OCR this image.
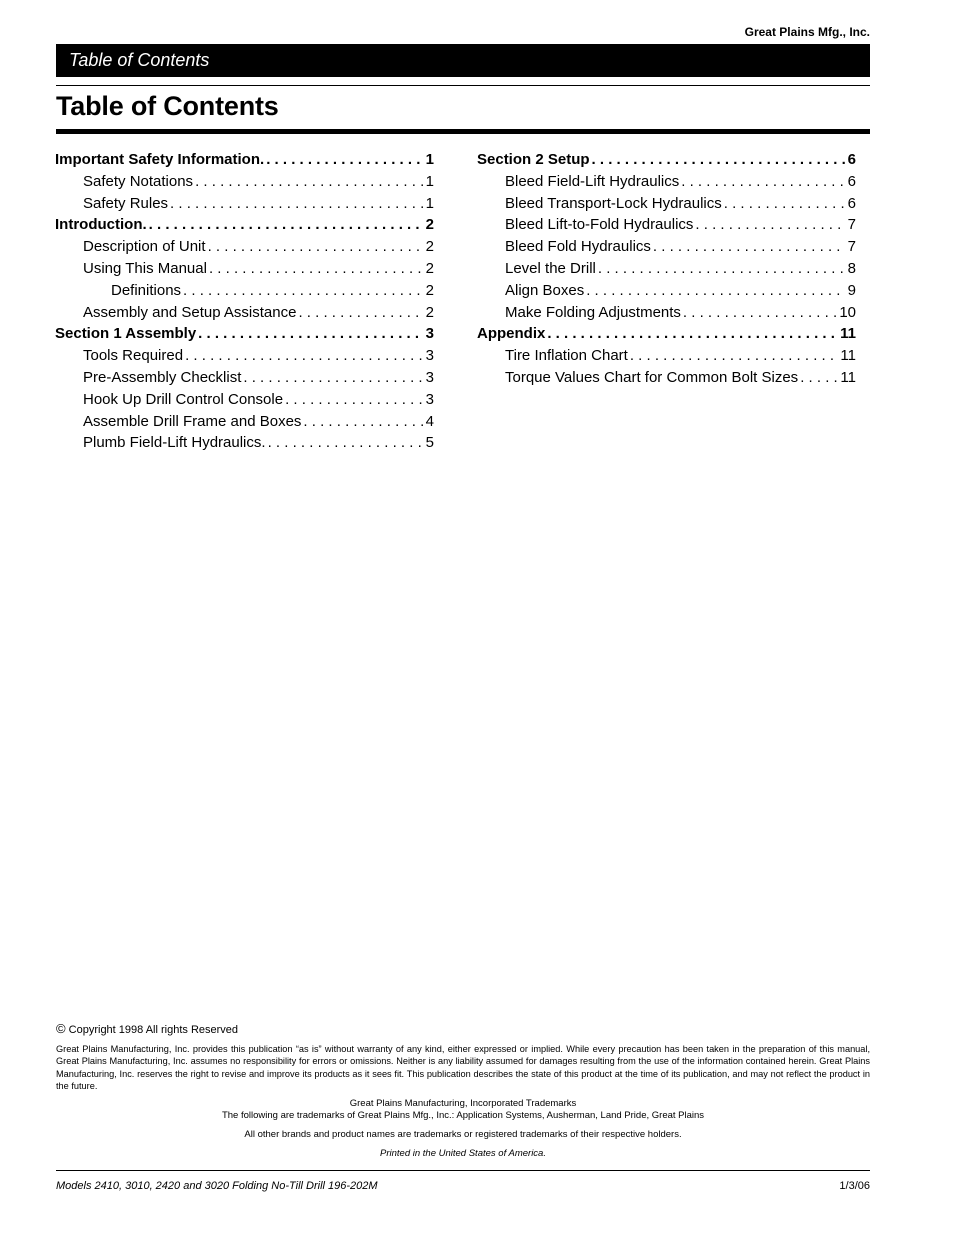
Great Plains Mfg., Inc.
Table of Contents
Table of Contents
Important Safety Information. . . .	1
Safety Notations . . .	1
Safety Rules . . .	1
Introduction. . . .	2
Description of Unit . . .	2
Using This Manual . . .	2
Definitions . . .	2
Assembly and Setup Assistance . . .	2
Section 1 Assembly . . .	3
Tools Required . . .	3
Pre-Assembly Checklist . . .	3
Hook Up Drill Control Console . . .	3
Assemble Drill Frame and Boxes . . .	4
Plumb Field-Lift Hydraulics. . . .	5
Section 2 Setup . . .	6
Bleed Field-Lift Hydraulics . . .	6
Bleed Transport-Lock Hydraulics . . .	6
Bleed Lift-to-Fold Hydraulics . . .	7
Bleed Fold Hydraulics . . .	7
Level the Drill . . .	8
Align Boxes . . .	9
Make Folding Adjustments . . .	10
Appendix . . .	11
Tire Inflation Chart . . .	11
Torque Values Chart for Common Bolt Sizes . . .	11
© Copyright 1998 All rights Reserved
Great Plains Manufacturing, Inc. provides this publication “as is” without warranty of any kind, either expressed or implied. While every precaution has been taken in the preparation of this manual, Great Plains Manufacturing, Inc. assumes no responsibility for errors or omissions. Neither is any liability assumed for damages resulting from the use of the information contained herein. Great Plains Manufacturing, Inc. reserves the right to revise and improve its products as it sees fit. This publication describes the state of this product at the time of its publication, and may not reflect the product in the future.
Great Plains Manufacturing, Incorporated Trademarks
The following are trademarks of Great Plains Mfg., Inc.: Application Systems, Ausherman, Land Pride, Great Plains
All other brands and product names are trademarks or registered trademarks of their respective holders.
Printed in the United States of America.
Models 2410, 3010, 2420 and 3020 Folding No-Till Drill 196-202M	1/3/06
